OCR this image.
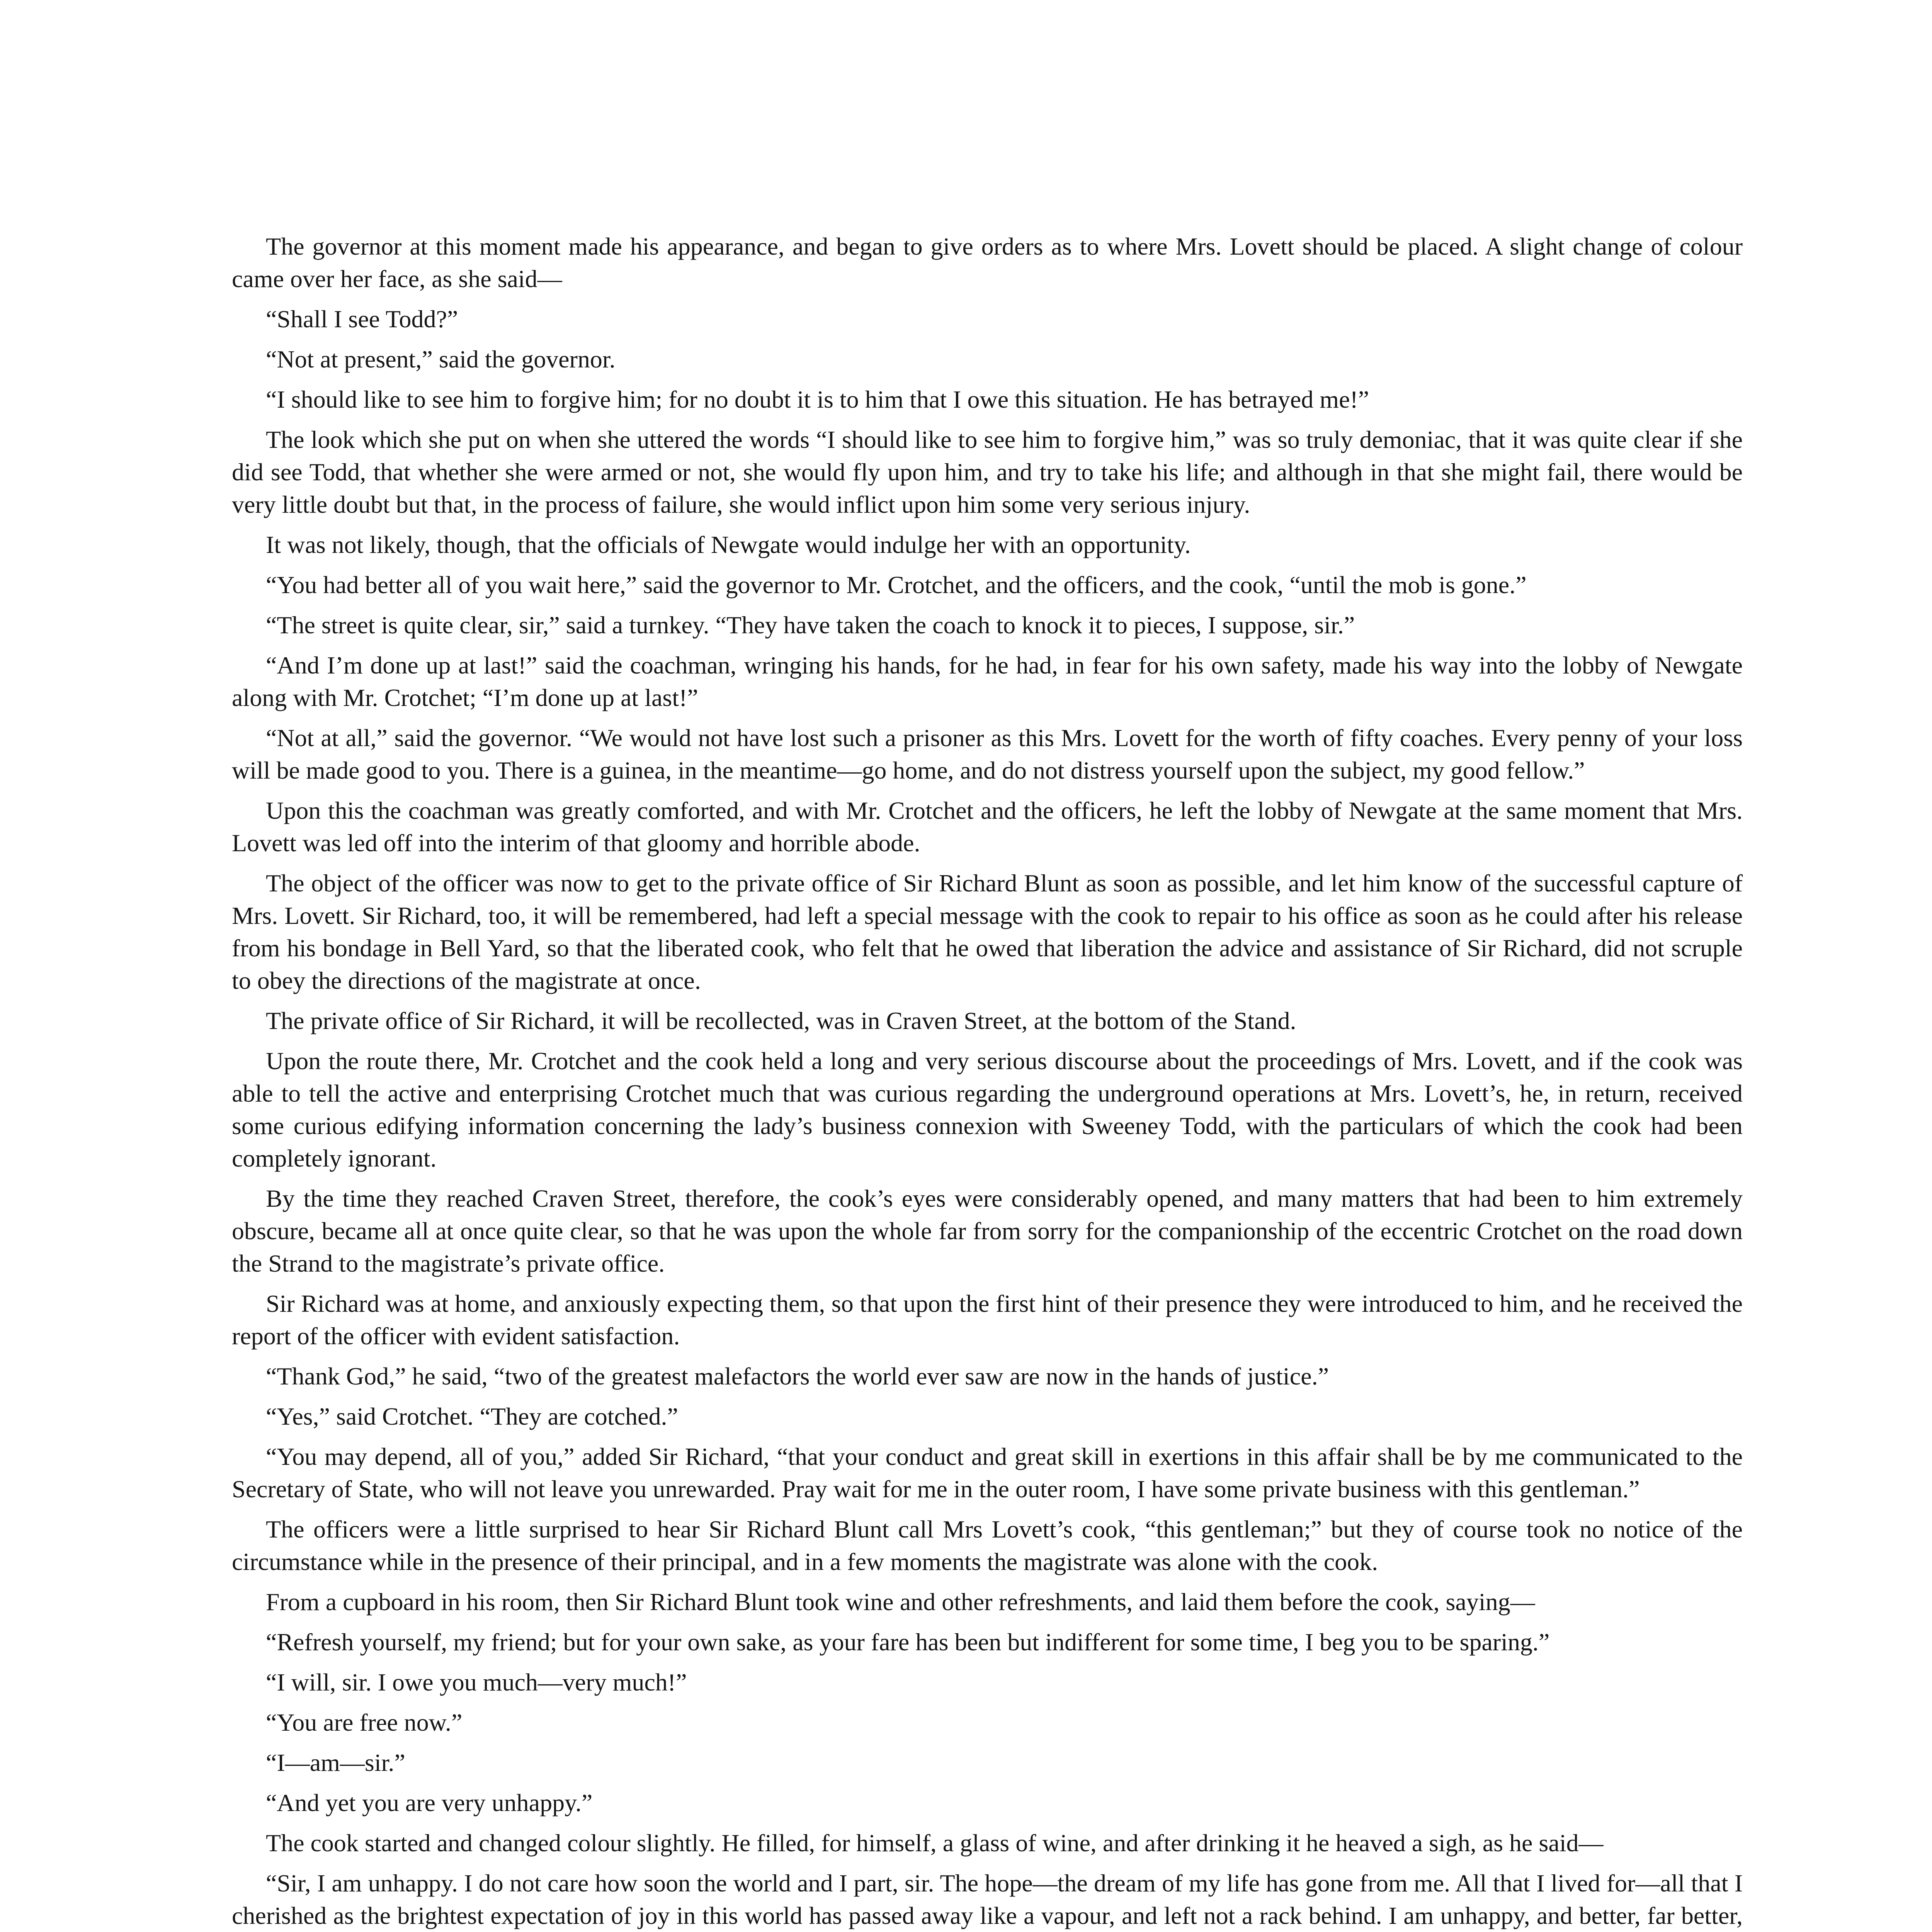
The governor at this moment made his appearance, and began to give orders as to where Mrs. Lovett should be placed. A slight change of colour came over her face, as she said—

“Shall I see Todd?”

“Not at present,” said the governor.

“I should like to see him to forgive him; for no doubt it is to him that I owe this situation. He has betrayed me!”

The look which she put on when she uttered the words “I should like to see him to forgive him,” was so truly demoniac, that it was quite clear if she did see Todd, that whether she were armed or not, she would fly upon him, and try to take his life; and although in that she might fail, there would be very little doubt but that, in the process of failure, she would inflict upon him some very serious injury.

It was not likely, though, that the officials of Newgate would indulge her with an opportunity.

“You had better all of you wait here,” said the governor to Mr. Crotchet, and the officers, and the cook, “until the mob is gone.”

“The street is quite clear, sir,” said a turnkey. “They have taken the coach to knock it to pieces, I suppose, sir.”

“And I’m done up at last!” said the coachman, wringing his hands, for he had, in fear for his own safety, made his way into the lobby of Newgate along with Mr. Crotchet; “I’m done up at last!”

“Not at all,” said the governor. “We would not have lost such a prisoner as this Mrs. Lovett for the worth of fifty coaches. Every penny of your loss will be made good to you. There is a guinea, in the meantime—go home, and do not distress yourself upon the subject, my good fellow.”

Upon this the coachman was greatly comforted, and with Mr. Crotchet and the officers, he left the lobby of Newgate at the same moment that Mrs. Lovett was led off into the interim of that gloomy and horrible abode.

The object of the officer was now to get to the private office of Sir Richard Blunt as soon as possible, and let him know of the successful capture of Mrs. Lovett. Sir Richard, too, it will be remembered, had left a special message with the cook to repair to his office as soon as he could after his release from his bondage in Bell Yard, so that the liberated cook, who felt that he owed that liberation the advice and assistance of Sir Richard, did not scruple to obey the directions of the magistrate at once.

The private office of Sir Richard, it will be recollected, was in Craven Street, at the bottom of the Stand.

Upon the route there, Mr. Crotchet and the cook held a long and very serious discourse about the proceedings of Mrs. Lovett, and if the cook was able to tell the active and enterprising Crotchet much that was curious regarding the underground operations at Mrs. Lovett’s, he, in return, received some curious edifying information concerning the lady’s business connexion with Sweeney Todd, with the particulars of which the cook had been completely ignorant.

By the time they reached Craven Street, therefore, the cook’s eyes were considerably opened, and many matters that had been to him extremely obscure, became all at once quite clear, so that he was upon the whole far from sorry for the companionship of the eccentric Crotchet on the road down the Strand to the magistrate’s private office.

Sir Richard was at home, and anxiously expecting them, so that upon the first hint of their presence they were introduced to him, and he received the report of the officer with evident satisfaction.

“Thank God,” he said, “two of the greatest malefactors the world ever saw are now in the hands of justice.”

“Yes,” said Crotchet. “They are cotched.”

“You may depend, all of you,” added Sir Richard, “that your conduct and great skill in exertions in this affair shall be by me communicated to the Secretary of State, who will not leave you unrewarded. Pray wait for me in the outer room, I have some private business with this gentleman.”

The officers were a little surprised to hear Sir Richard Blunt call Mrs Lovett’s cook, “this gentleman;” but they of course took no notice of the circumstance while in the presence of their principal, and in a few moments the magistrate was alone with the cook.

From a cupboard in his room, then Sir Richard Blunt took wine and other refreshments, and laid them before the cook, saying—

“Refresh yourself, my friend; but for your own sake, as your fare has been but indifferent for some time, I beg you to be sparing.”

“I will, sir. I owe you much—very much!”

“You are free now.”

“I—am—sir.”

“And yet you are very unhappy.”

The cook started and changed colour slightly. He filled, for himself, a glass of wine, and after drinking it he heaved a sigh, as he said—

“Sir, I am unhappy. I do not care how soon the world and I part, sir. The hope—the dream of my life has gone from me. All that I lived for—all that I cherished as the brightest expectation of joy in this world has passed away like a vapour, and left not a rack behind. I am unhappy, and better, far better,
